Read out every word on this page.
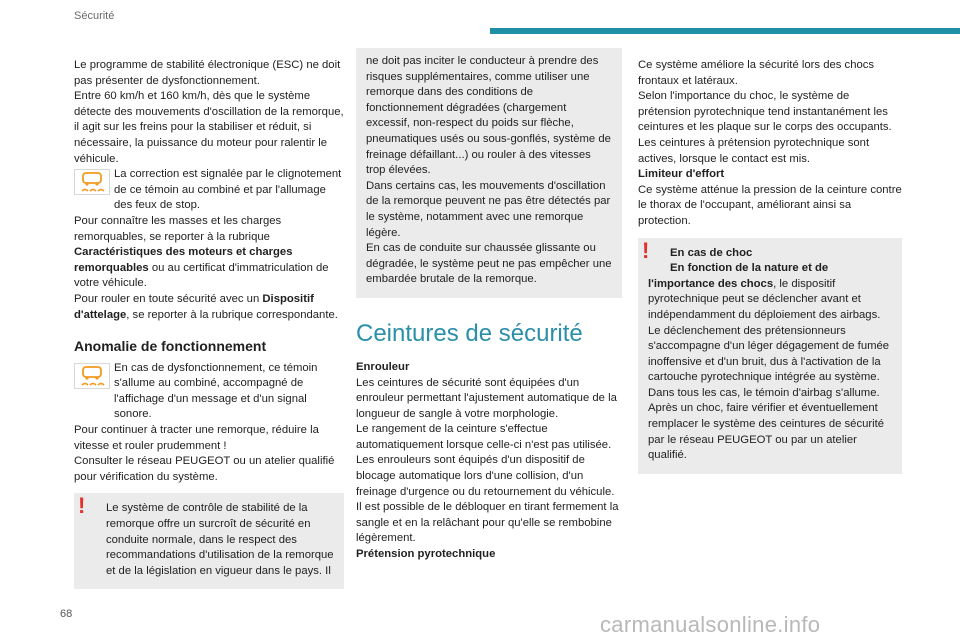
Sécurité

Le programme de stabilité électronique (ESC) ne doit pas présenter de dysfonctionnement.

Entre 60 km/h et 160 km/h, dès que le système détecte des mouvements d'oscillation de la remorque, il agit sur les freins pour la stabiliser et réduit, si nécessaire, la puissance du moteur pour ralentir le véhicule.

La correction est signalée par le clignotement de ce témoin au combiné et par l'allumage des feux de stop.

Pour connaître les masses et les charges remorquables, se reporter à la rubrique Caractéristiques des moteurs et charges remorquables ou au certificat d'immatriculation de votre véhicule.

Pour rouler en toute sécurité avec un Dispositif d'attelage, se reporter à la rubrique correspondante.

Anomalie de fonctionnement

En cas de dysfonctionnement, ce témoin s'allume au combiné, accompagné de l'affichage d'un message et d'un signal sonore.

Pour continuer à tracter une remorque, réduire la vitesse et rouler prudemment !

Consulter le réseau PEUGEOT ou un atelier qualifié pour vérification du système.

!	Le système de contrôle de stabilité de la remorque offre un surcroît de sécurité en conduite normale, dans le respect des recommandations d'utilisation de la remorque et de la législation en vigueur dans le pays. Il

ne doit pas inciter le conducteur à prendre des risques supplémentaires, comme utiliser une remorque dans des conditions de fonctionnement dégradées (chargement excessif, non-respect du poids sur flèche, pneumatiques usés ou sous-gonflés, système de freinage défaillant...) ou rouler à des vitesses trop élevées.

Dans certains cas, les mouvements d'oscillation de la remorque peuvent ne pas être détectés par le système, notamment avec une remorque légère.

En cas de conduite sur chaussée glissante ou dégradée, le système peut ne pas empêcher une embardée brutale de la remorque.

Ceintures de sécurité

Enrouleur

Les ceintures de sécurité sont équipées d'un enrouleur permettant l'ajustement automatique de la longueur de sangle à votre morphologie.

Le rangement de la ceinture s'effectue automatiquement lorsque celle-ci n'est pas utilisée.

Les enrouleurs sont équipés d'un dispositif de blocage automatique lors d'une collision, d'un freinage d'urgence ou du retournement du véhicule. Il est possible de le débloquer en tirant fermement la sangle et en la relâchant pour qu'elle se rembobine légèrement.

Prétension pyrotechnique

Ce système améliore la sécurité lors des chocs frontaux et latéraux.

Selon l'importance du choc, le système de prétension pyrotechnique tend instantanément les ceintures et les plaque sur le corps des occupants.

Les ceintures à prétension pyrotechnique sont actives, lorsque le contact est mis.

Limiteur d'effort

Ce système atténue la pression de la ceinture contre le thorax de l'occupant, améliorant ainsi sa protection.

!	En cas de choc

En fonction de la nature et de l'importance des chocs, le dispositif pyrotechnique peut se déclencher avant et indépendamment du déploiement des airbags. Le déclenchement des prétensionneurs s'accompagne d'un léger dégagement de fumée inoffensive et d'un bruit, dus à l'activation de la cartouche pyrotechnique intégrée au système.

Dans tous les cas, le témoin d'airbag s'allume.

Après un choc, faire vérifier et éventuellement remplacer le système des ceintures de sécurité par le réseau PEUGEOT ou par un atelier qualifié.

68	carmanualsonline.info
